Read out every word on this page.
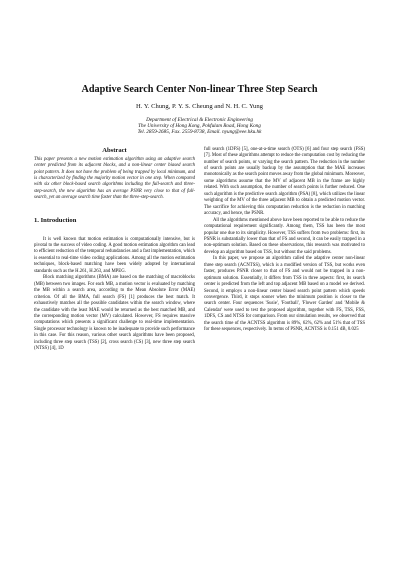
Adaptive Search Center Non-linear Three Step Search
H. Y. Chung, P. Y. S. Cheung and N. H. C. Yung
Department of Electrical & Electronic Engineering
The University of Hong Kong, Pokfulam Road, Hong Kong
Tel. 2859-2685, Fax. 2559-8738, Email. nyung@eee.hku.hk
Abstract

This paper presents a new motion estimation algorithm using an adaptive search center predicted from its adjacent blocks, and a non-linear center biased search point pattern. It does not have the problem of being trapped by local minimum, and is characterized by finding the majority motion vector in one step. When compared with six other block-based search algorithms including the full-search and three-step-search, the new algorithm has an average PSNR very close to that of full-search, yet an average search time faster than the three-step-search.

1. Introduction

It is well known that motion estimation is computationally intensive, but is pivotal to the success of video coding. A good motion estimation algorithm can lead to efficient reduction of the temporal redundancies and a fast implementation, which is essential to real-time video coding applications. Among all the motion estimation techniques, block-based matching have been widely adopted by international standards such as the H.261, H.263, and MPEG.

Block matching algorithms (BMA) are based on the matching of macroblocks (MB) between two images. For each MB, a motion vector is evaluated by matching the MB within a search area, according to the Mean Absolute Error (MAE) criterion. Of all the BMA, full search (FS) [1] produces the best match. It exhaustively matches all the possible candidates within the search window, where the candidate with the least MAE would be returned as the best matched MB, and the corresponding motion vector (MV) calculated. However, FS requires massive computations which presents a significant challenge to real-time implementation. Single processor technology is known to be inadequate to provide such performance in this case. For this reason, various other search algorithms have been proposed, including three step search (TSS) [2], cross search (CS) [3], new three step search (NTSS) [4], 1D

full search (1DFS) [5], one-at-a-time search (OTS) [6] and four step search (FSS) [7]. Most of these algorithms attempt to reduce the computation cost by reducing the number of search points, or varying the search pattern. The reduction in the number of search points are usually backup by the assumption that the MAE increases monotonically as the search point moves away from the global minimum. Moreover, some algorithms assume that the MV of adjacent MB in the frame are highly related. With such assumption, the number of search points is further reduced. One such algorithm is the predictive search algorithm (PSA) [8], which utilizes the linear weighting of the MV of the three adjacent MB to obtain a predicted motion vector. The sacrifice for achieving this computation reduction is the reduction in matching accuracy, and hence, the PSNR.

All the algorithms mentioned above have been reported to be able to reduce the computational requirement significantly. Among them, TSS has been the most popular one due to its simplicity. However, TSS suffers from two problems: first, its PSNR is substantially lower than that of FS and second, it can be easily trapped in a non-optimum solution. Based on these observations, this research was motivated to develop an algorithm based on TSS, but without the said problems.

In this paper, we propose an algorithm called the adaptive center non-linear three step search (ACNTSS), which is a modified version of TSS, but works even faster, produces PSNR closer to that of FS and would not be trapped in a non-optimum solution. Essentially, it differs from TSS in three aspects: first, its search center is predicted from the left and top adjacent MB based on a model we derived. Second, it employs a non-linear center biased search point pattern which speeds convergence. Third, it stops sooner when the minimum position is closer to the search center. Four sequences 'Susie', 'Football', 'Flower Garden' and 'Mobile & Calendar' were used to test the proposed algorithm, together with FS, TSS, FSS, 1DFS, CS and NTSS for comparison. From our simulation results, we observed that the search time of the ACNTSS algorithm is 89%, 62%, 62% and 51% that of TSS for these sequences, respectively. In terms of PSNR, ACNTSS is 0.151 dB, 0.025
